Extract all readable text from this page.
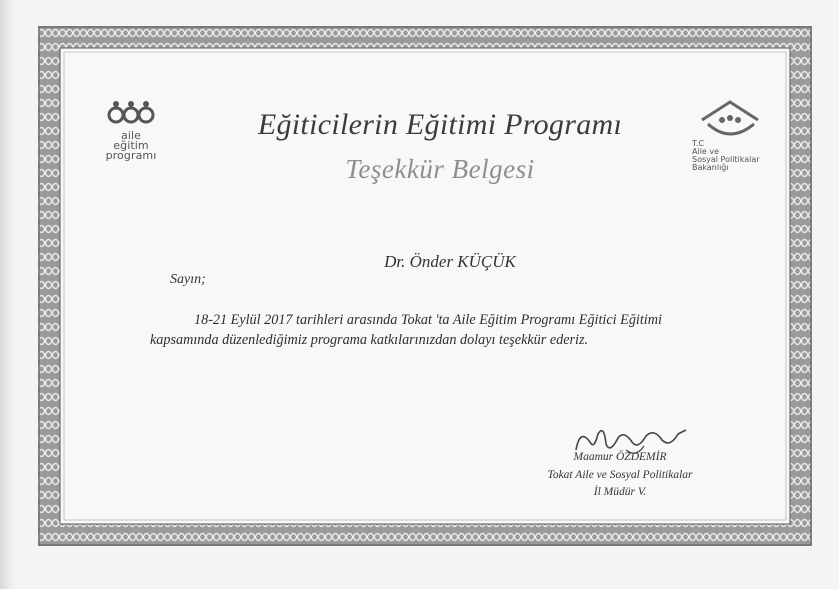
aile
eğitim
programı
T.C
Aile ve
Sosyal Politikalar
Bakanlığı
Eğiticilerin Eğitimi Programı
Teşekkür Belgesi
Dr. Önder KÜÇÜK
Sayın;
18-21 Eylül 2017 tarihleri arasında Tokat 'ta Aile Eğitim Programı Eğitici Eğitimi kapsamında düzenlediğimiz programa katkılarınızdan dolayı teşekkür ederiz.
Maamur ÖZDEMİR
Tokat Aile ve Sosyal Politikalar
İl Müdür V.
